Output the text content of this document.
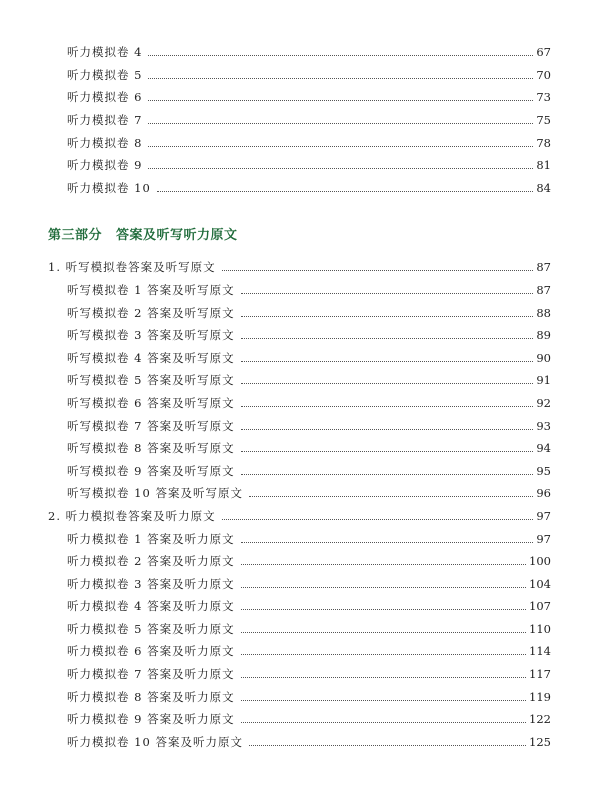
听力模拟卷 4	67
听力模拟卷 5	70
听力模拟卷 6	73
听力模拟卷 7	75
听力模拟卷 8	78
听力模拟卷 9	81
听力模拟卷 10	84
第三部分 答案及听写听力原文
1. 听写模拟卷答案及听写原文	87
听写模拟卷 1 答案及听写原文	87
听写模拟卷 2 答案及听写原文	88
听写模拟卷 3 答案及听写原文	89
听写模拟卷 4 答案及听写原文	90
听写模拟卷 5 答案及听写原文	91
听写模拟卷 6 答案及听写原文	92
听写模拟卷 7 答案及听写原文	93
听写模拟卷 8 答案及听写原文	94
听写模拟卷 9 答案及听写原文	95
听写模拟卷 10 答案及听写原文	96
2. 听力模拟卷答案及听力原文	97
听力模拟卷 1 答案及听力原文	97
听力模拟卷 2 答案及听力原文	100
听力模拟卷 3 答案及听力原文	104
听力模拟卷 4 答案及听力原文	107
听力模拟卷 5 答案及听力原文	110
听力模拟卷 6 答案及听力原文	114
听力模拟卷 7 答案及听力原文	117
听力模拟卷 8 答案及听力原文	119
听力模拟卷 9 答案及听力原文	122
听力模拟卷 10 答案及听力原文	125
